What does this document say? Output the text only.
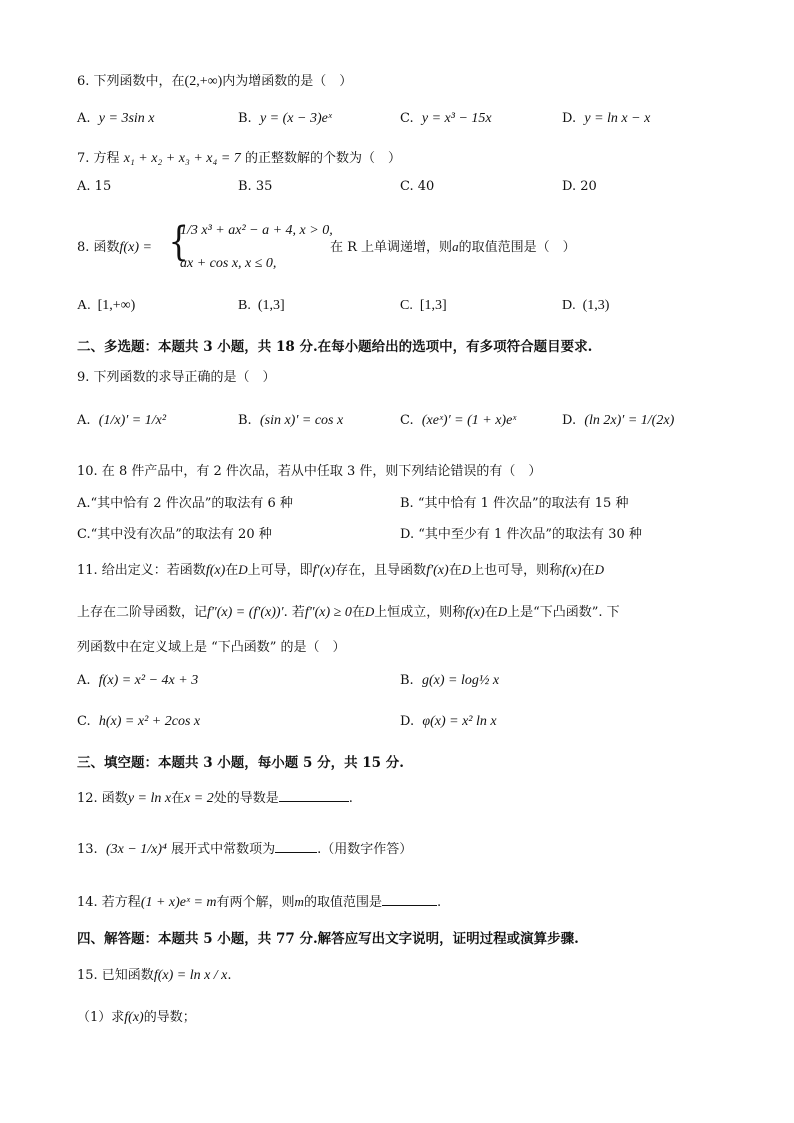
6. 下列函数中，在(2,+∞)内为增函数的是（　）
A. y = 3sin x	B. y = (x − 3)eˣ	C. y = x³ − 15x	D. y = ln x − x
7. 方程 x₁ + x₂ + x₃ + x₄ = 7 的正整数解的个数为（　）
A. 15	B. 35	C. 40	D. 20
8. 函数f(x) = {
1/3 x³ + ax² − a + 4, x > 0,
ax + cos x, x ≤ 0,
在 R 上单调递增，则a的取值范围是（　）
A. [1,+∞)	B. (1,3]	C. [1,3]	D. (1,3)
二、多选题：本题共 3 小题，共 18 分.在每小题给出的选项中，有多项符合题目要求.
9. 下列函数的求导正确的是（　）
A. (1/x)′ = 1/x²	B. (sin x)′ = cos x	C. (xeˣ)′ = (1 + x)eˣ	D. (ln 2x)′ = 1/(2x)
10. 在 8 件产品中，有 2 件次品，若从中任取 3 件，则下列结论错误的有（　）
A.“其中恰有 2 件次品”的取法有 6 种	B. “其中恰有 1 件次品”的取法有 15 种
C.“其中没有次品”的取法有 20 种	D. “其中至少有 1 件次品”的取法有 30 种
11. 给出定义：若函数f(x)在D上可导，即f′(x)存在，且导函数f′(x)在D上也可导，则称f(x)在D
上存在二阶导函数，记f″(x) = (f′(x))′. 若f″(x) ≥ 0在D上恒成立，则称f(x)在D上是“下凸函数”. 下
列函数中在定义域上是 “下凸函数” 的是（　）
A. f(x) = x² − 4x + 3	B. g(x) = log½ x
C. h(x) = x² + 2cos x	D. φ(x) = x² ln x
三、填空题：本题共 3 小题，每小题 5 分，共 15 分.
12. 函数y = ln x在x = 2处的导数是	.
13. (3x − 1/x)⁴ 展开式中常数项为	.（用数字作答）
14. 若方程(1 + x)eˣ = m有两个解，则m的取值范围是	.
四、解答题：本题共 5 小题，共 77 分.解答应写出文字说明，证明过程或演算步骤.
15. 已知函数f(x) = ln x / x.
（1）求f(x)的导数；
